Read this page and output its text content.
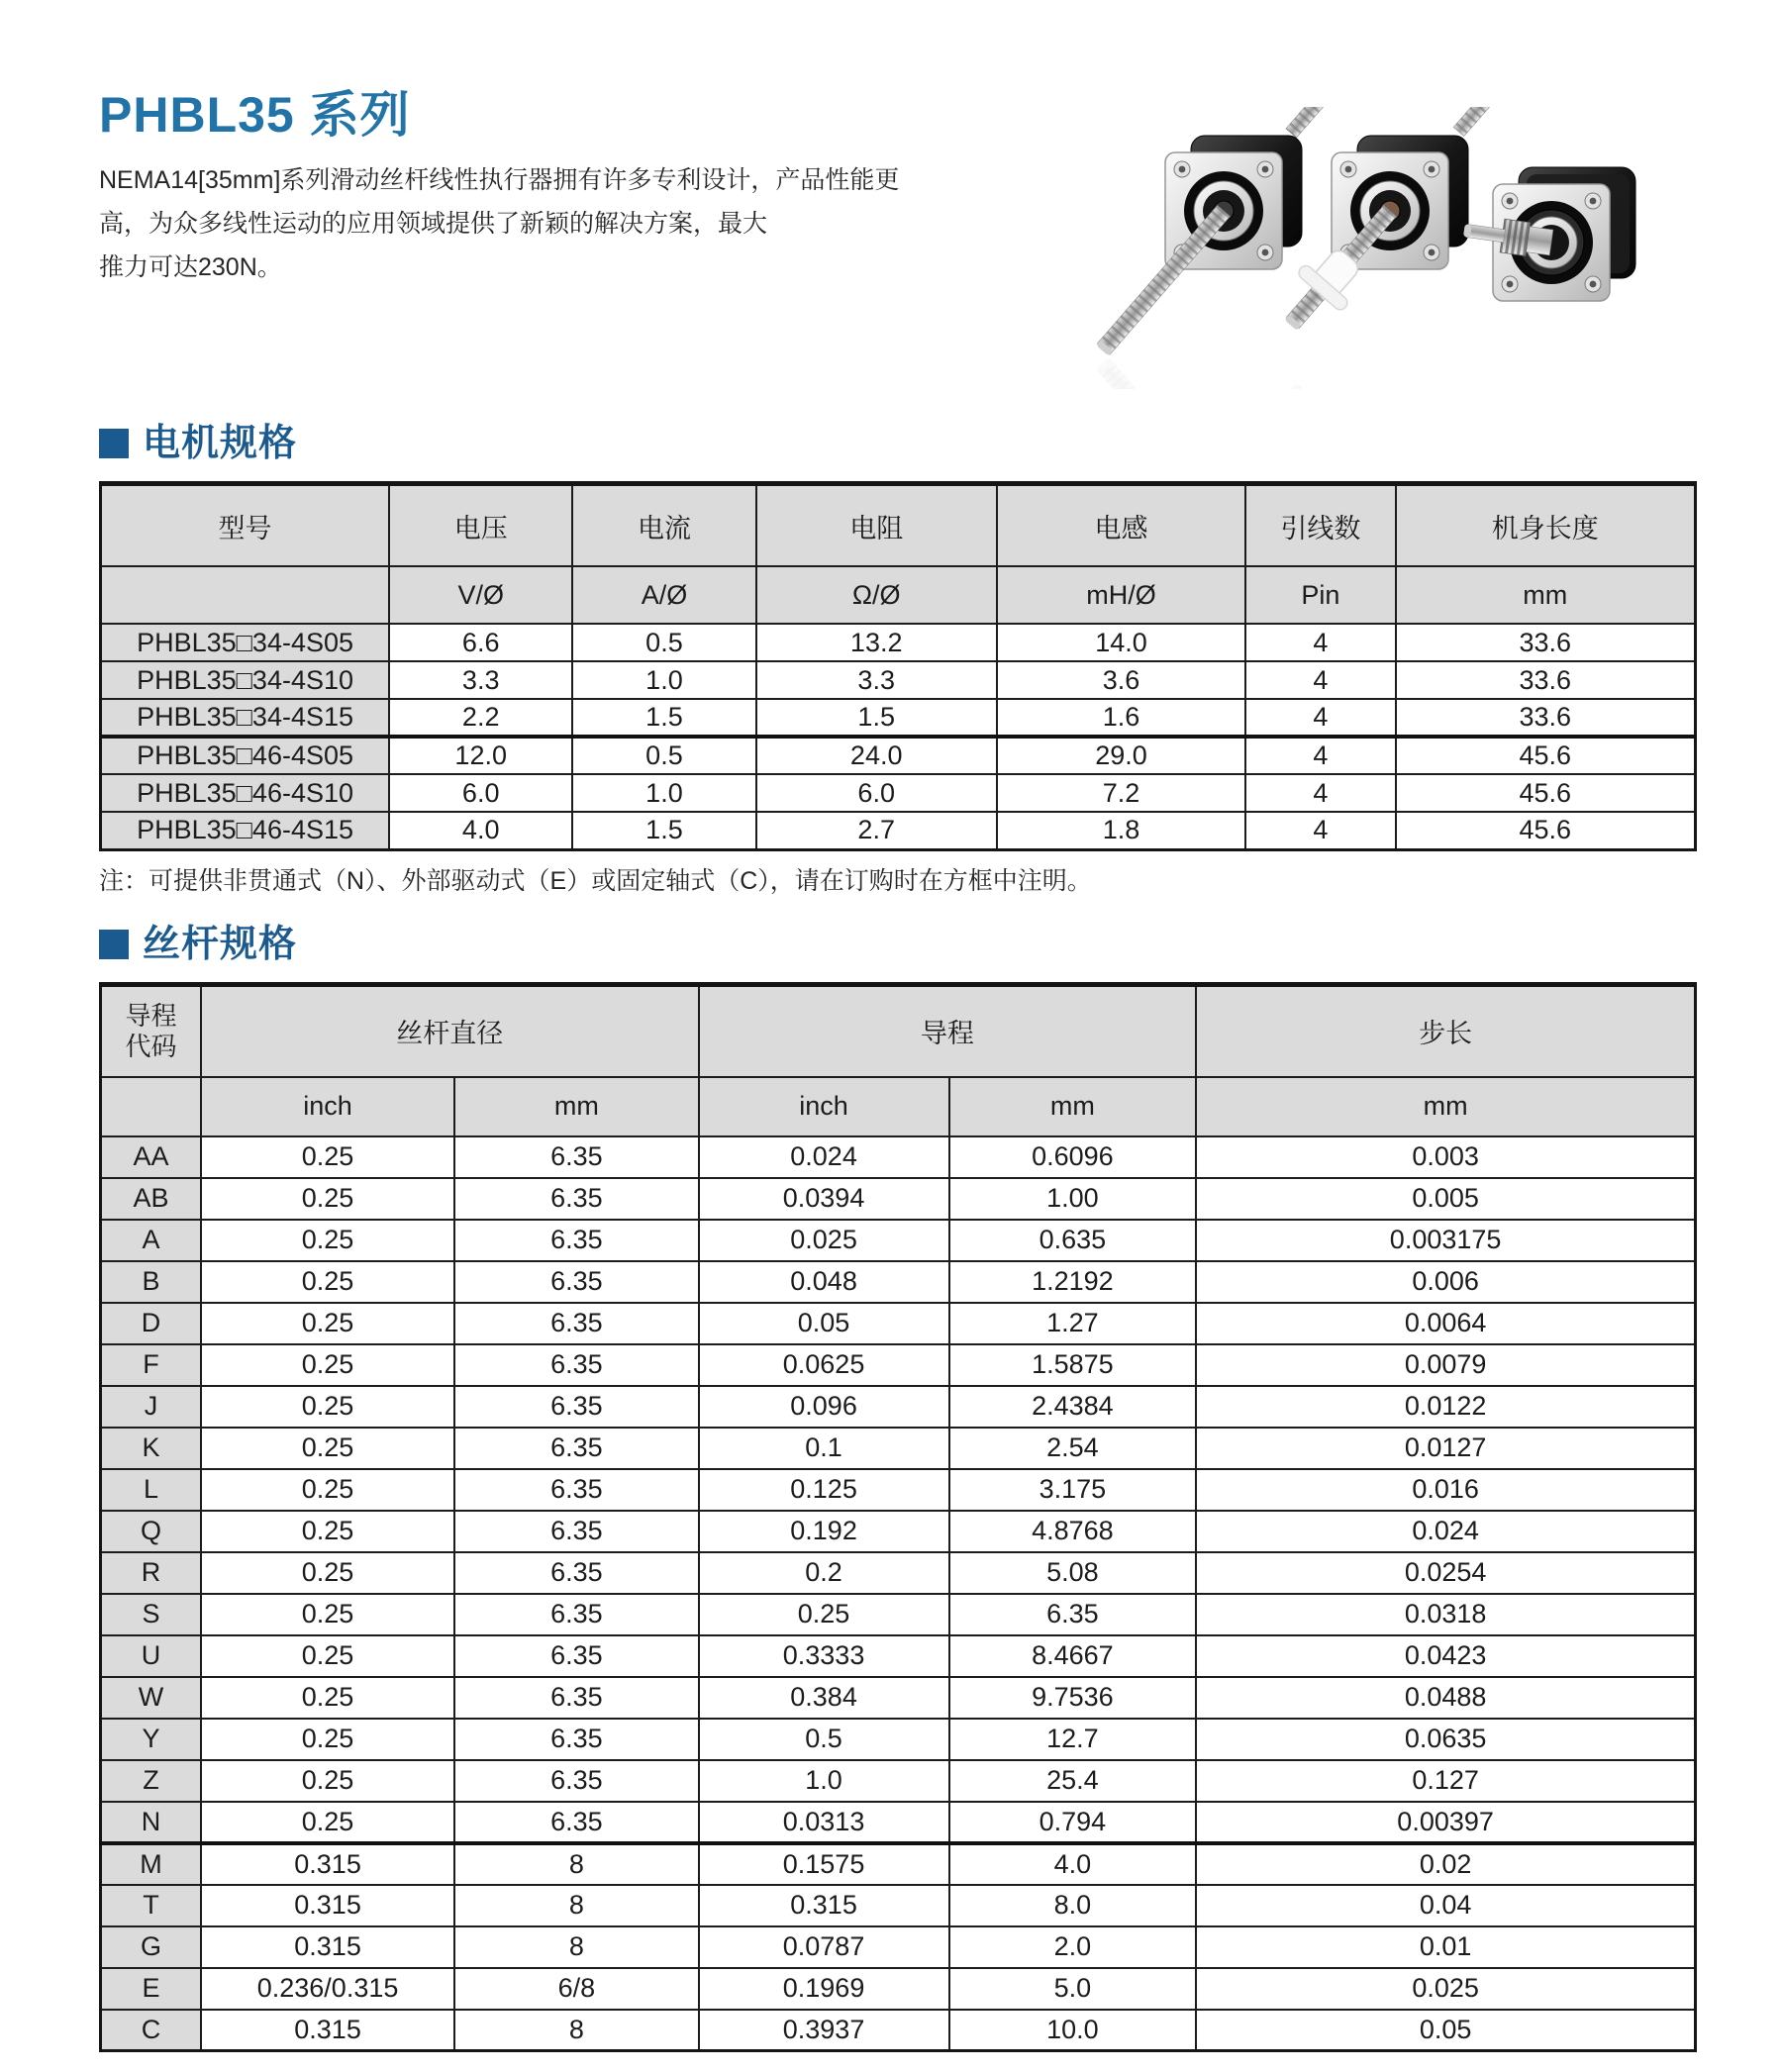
PHBL35 系列
NEMA14[35mm]系列滑动丝杆线性执行器拥有许多专利设计，产品性能更
高，为众多线性运动的应用领域提供了新颖的解决方案，最大
推力可达230N。
电机规格
型号	电压	电流	电阻	电感	引线数	机身长度
	V/Ø	A/Ø	Ω/Ø	mH/Ø	Pin	mm
PHBL35□34-4S05	6.6	0.5	13.2	14.0	4	33.6
PHBL35□34-4S10	3.3	1.0	3.3	3.6	4	33.6
PHBL35□34-4S15	2.2	1.5	1.5	1.6	4	33.6
PHBL35□46-4S05	12.0	0.5	24.0	29.0	4	45.6
PHBL35□46-4S10	6.0	1.0	6.0	7.2	4	45.6
PHBL35□46-4S15	4.0	1.5	2.7	1.8	4	45.6
注：可提供非贯通式（N）、外部驱动式（E）或固定轴式（C），请在订购时在方框中注明。
丝杆规格
导程
代码	丝杆直径		导程		步长
	inch	mm	inch	mm	mm
AA	0.25	6.35	0.024	0.6096	0.003
AB	0.25	6.35	0.0394	1.00	0.005
A	0.25	6.35	0.025	0.635	0.003175
B	0.25	6.35	0.048	1.2192	0.006
D	0.25	6.35	0.05	1.27	0.0064
F	0.25	6.35	0.0625	1.5875	0.0079
J	0.25	6.35	0.096	2.4384	0.0122
K	0.25	6.35	0.1	2.54	0.0127
L	0.25	6.35	0.125	3.175	0.016
Q	0.25	6.35	0.192	4.8768	0.024
R	0.25	6.35	0.2	5.08	0.0254
S	0.25	6.35	0.25	6.35	0.0318
U	0.25	6.35	0.3333	8.4667	0.0423
W	0.25	6.35	0.384	9.7536	0.0488
Y	0.25	6.35	0.5	12.7	0.0635
Z	0.25	6.35	1.0	25.4	0.127
N	0.25	6.35	0.0313	0.794	0.00397
M	0.315	8	0.1575	4.0	0.02
T	0.315	8	0.315	8.0	0.04
G	0.315	8	0.0787	2.0	0.01
E	0.236/0.315	6/8	0.1969	5.0	0.025
C	0.315	8	0.3937	10.0	0.05
